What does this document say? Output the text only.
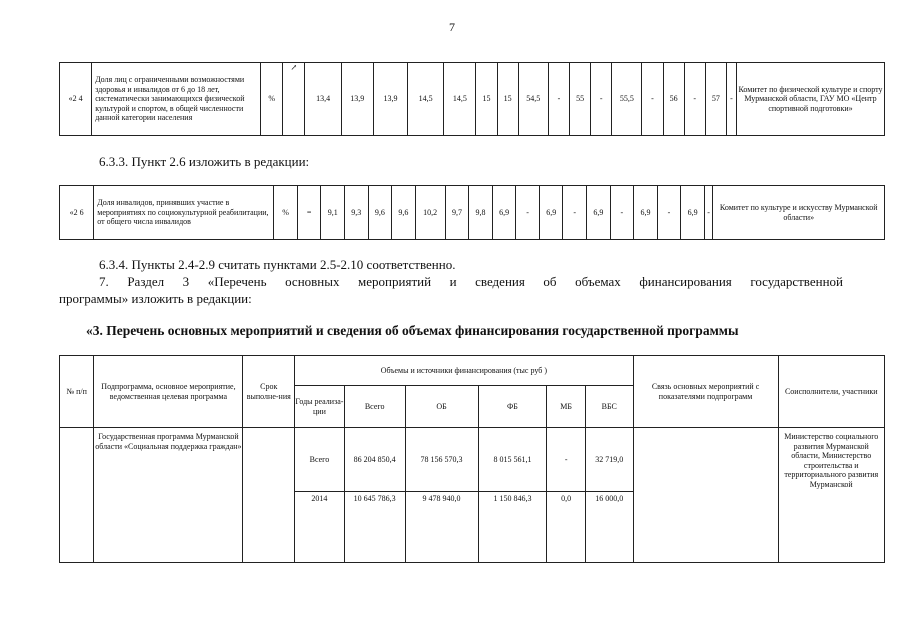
7
«2 4	Доля лиц с ограниченными возможностями здоровья и инвалидов от 6 до 18 лет, систематически занимающихся физической культурой и спортом, в общей численности данной категории населения	%	↗	13,4	13,9	13,9	14,5	14,5	15	15	54,5	-	55	-	55,5	-	56	-	57	-	Комитет по физической культуре и спорту Мурманской области, ГАУ МО «Центр спортивной подготовки»
6.3.3. Пункт 2.6 изложить в редакции:
«2 6	Доля инвалидов, принявших участие в мероприятиях по социокультурной реабилитации, от общего числа инвалидов	%	=	9,1	9,3	9,6	9,6	10,2	9,7	9,8	6,9	-	6,9	-	6,9	-	6,9	-	6,9	-	Комитет по культуре и искусству Мурманской области»
6.3.4. Пункты 2.4-2.9 считать пунктами 2.5-2.10 соответственно.
7. Раздел 3 «Перечень основных мероприятий и сведения об объемах финансирования государственной
программы» изложить в редакции:
«3. Перечень основных мероприятий и сведения об объемах финансирования государственной программы
№ п/п	Подпрограмма, основное мероприятие, ведомственная целевая программа	Срок выполне-ния	Объемы и источники финансирования (тыс руб )						Связь основных мероприятий с показателями подпрограмм	Соисполнители, участники
			Годы реализа-ции	Всего	ОБ	ФБ	МБ	ВБС		
	Государственная программа Мурманской области «Социальная поддержка граждан»		Всего	86 204 850,4	78 156 570,3	8 015 561,1	-	32 719,0		Министерство социального развития Мурманской области, Министерство строительства и территориального развития Мурманской
			2014	10 645 786,3	9 478 940,0	1 150 846,3	0,0	16 000,0		
